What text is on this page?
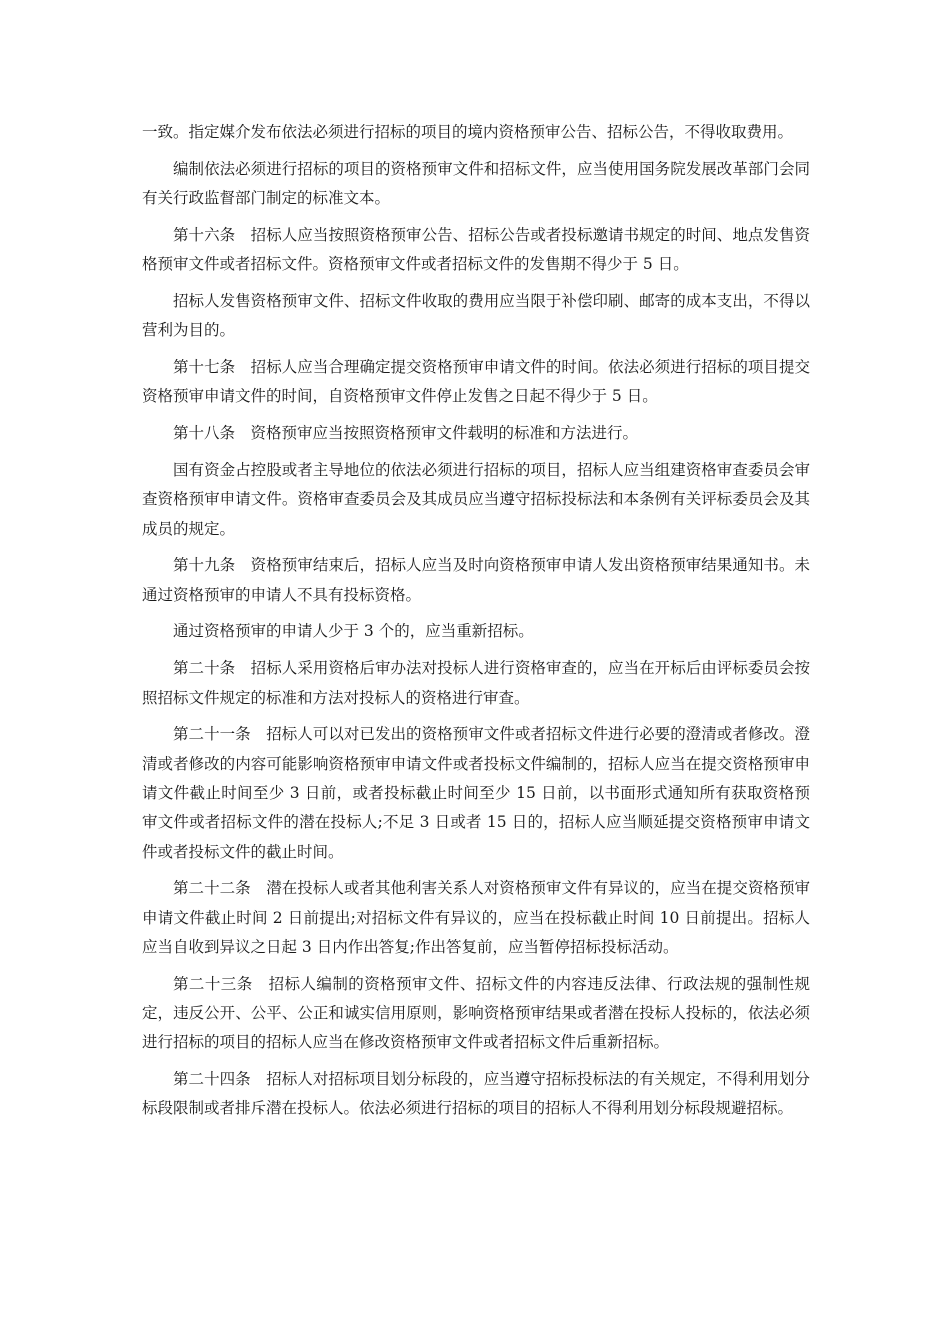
一致。指定媒介发布依法必须进行招标的项目的境内资格预审公告、招标公告，不得收取费用。

编制依法必须进行招标的项目的资格预审文件和招标文件，应当使用国务院发展改革部门会同有关行政监督部门制定的标准文本。

第十六条　招标人应当按照资格预审公告、招标公告或者投标邀请书规定的时间、地点发售资格预审文件或者招标文件。资格预审文件或者招标文件的发售期不得少于 5 日。

招标人发售资格预审文件、招标文件收取的费用应当限于补偿印刷、邮寄的成本支出，不得以营利为目的。

第十七条　招标人应当合理确定提交资格预审申请文件的时间。依法必须进行招标的项目提交资格预审申请文件的时间，自资格预审文件停止发售之日起不得少于 5 日。

第十八条　资格预审应当按照资格预审文件载明的标准和方法进行。

国有资金占控股或者主导地位的依法必须进行招标的项目，招标人应当组建资格审查委员会审查资格预审申请文件。资格审查委员会及其成员应当遵守招标投标法和本条例有关评标委员会及其成员的规定。

第十九条　资格预审结束后，招标人应当及时向资格预审申请人发出资格预审结果通知书。未通过资格预审的申请人不具有投标资格。

通过资格预审的申请人少于 3 个的，应当重新招标。

第二十条　招标人采用资格后审办法对投标人进行资格审查的，应当在开标后由评标委员会按照招标文件规定的标准和方法对投标人的资格进行审查。

第二十一条　招标人可以对已发出的资格预审文件或者招标文件进行必要的澄清或者修改。澄清或者修改的内容可能影响资格预审申请文件或者投标文件编制的，招标人应当在提交资格预审申请文件截止时间至少 3 日前，或者投标截止时间至少 15 日前，以书面形式通知所有获取资格预审文件或者招标文件的潜在投标人;不足 3 日或者 15 日的，招标人应当顺延提交资格预审申请文件或者投标文件的截止时间。

第二十二条　潜在投标人或者其他利害关系人对资格预审文件有异议的，应当在提交资格预审申请文件截止时间 2 日前提出;对招标文件有异议的，应当在投标截止时间 10 日前提出。招标人应当自收到异议之日起 3 日内作出答复;作出答复前，应当暂停招标投标活动。

第二十三条　招标人编制的资格预审文件、招标文件的内容违反法律、行政法规的强制性规定，违反公开、公平、公正和诚实信用原则，影响资格预审结果或者潜在投标人投标的，依法必须进行招标的项目的招标人应当在修改资格预审文件或者招标文件后重新招标。

第二十四条　招标人对招标项目划分标段的，应当遵守招标投标法的有关规定，不得利用划分标段限制或者排斥潜在投标人。依法必须进行招标的项目的招标人不得利用划分标段规避招标。
